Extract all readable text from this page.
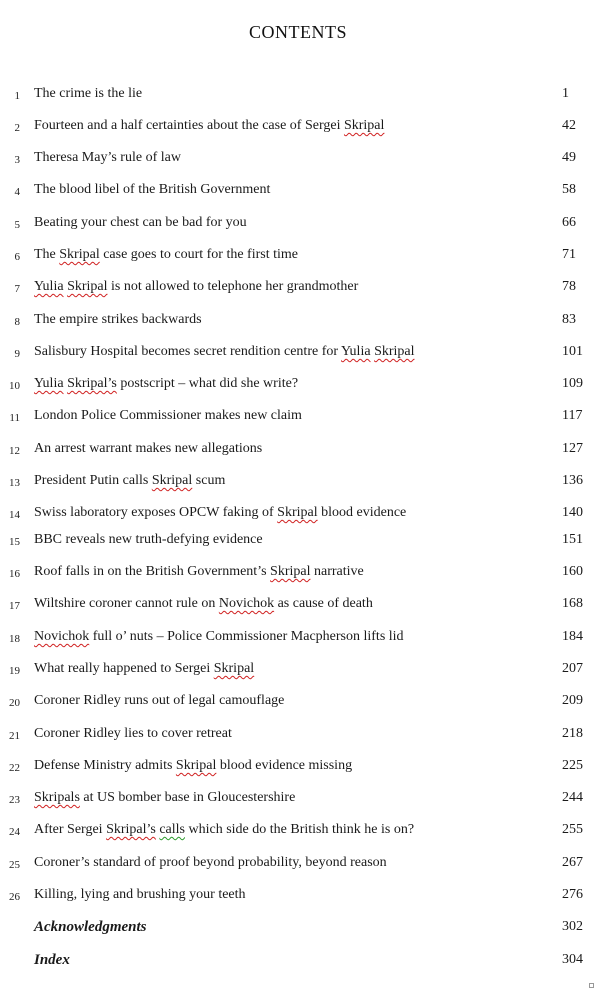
CONTENTS
1 The crime is the lie	1
2 Fourteen and a half certainties about the case of Sergei Skripal	42
3 Theresa May’s rule of law	49
4 The blood libel of the British Government	58
5 Beating your chest can be bad for you	66
6 The Skripal case goes to court for the first time	71
7 Yulia Skripal is not allowed to telephone her grandmother	78
8 The empire strikes backwards	83
9 Salisbury Hospital becomes secret rendition centre for Yulia Skripal	101
10 Yulia Skripal’s postscript – what did she write?	109
11 London Police Commissioner makes new claim	117
12 An arrest warrant makes new allegations	127
13 President Putin calls Skripal scum	136
14 Swiss laboratory exposes OPCW faking of Skripal blood evidence	140
15 BBC reveals new truth-defying evidence	151
16 Roof falls in on the British Government’s Skripal narrative	160
17 Wiltshire coroner cannot rule on Novichok as cause of death	168
18 Novichok full o’ nuts – Police Commissioner Macpherson lifts lid	184
19 What really happened to Sergei Skripal	207
20 Coroner Ridley runs out of legal camouflage	209
21 Coroner Ridley lies to cover retreat	218
22 Defense Ministry admits Skripal blood evidence missing	225
23 Skripals at US bomber base in Gloucestershire	244
24 After Sergei Skripal’s calls which side do the British think he is on?	255
25 Coroner’s standard of proof beyond probability, beyond reason	267
26 Killing, lying and brushing your teeth	276
Acknowledgments	302
Index	304
